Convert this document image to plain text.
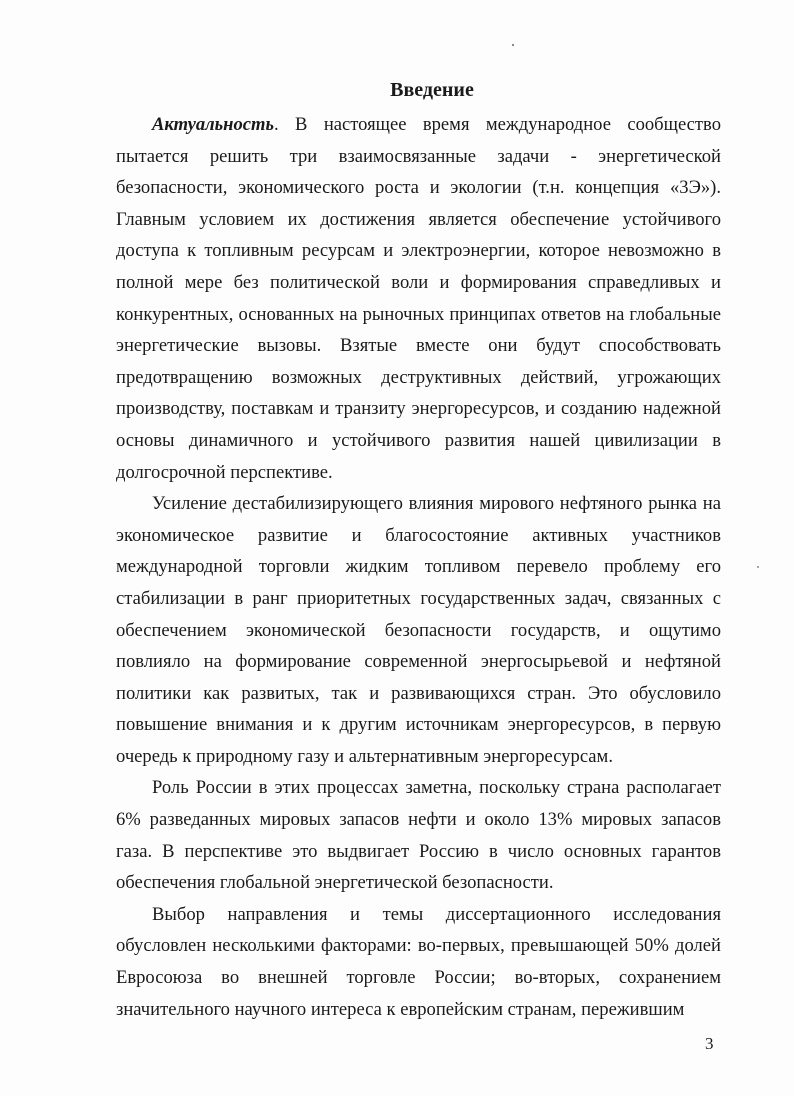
Введение

Актуальность. В настоящее время международное сообщество пытается решить три взаимосвязанные задачи - энергетической безопасности, экономического роста и экологии (т.н. концепция «3Э»). Главным условием их достижения является обеспечение устойчивого доступа к топливным ресурсам и электроэнергии, которое невозможно в полной мере без политической воли и формирования справедливых и конкурентных, основанных на рыночных принципах ответов на глобальные энергетические вызовы. Взятые вместе они будут способствовать предотвращению возможных деструктивных действий, угрожающих производству, поставкам и транзиту энергоресурсов, и созданию надежной основы динамичного и устойчивого развития нашей цивилизации в долгосрочной перспективе.

Усиление дестабилизирующего влияния мирового нефтяного рынка на экономическое развитие и благосостояние активных участников международной торговли жидким топливом перевело проблему его стабилизации в ранг приоритетных государственных задач, связанных с обеспечением экономической безопасности государств, и ощутимо повлияло на формирование современной энергосырьевой и нефтяной политики как развитых, так и развивающихся стран. Это обусловило повышение внимания и к другим источникам энергоресурсов, в первую очередь к природному газу и альтернативным энергоресурсам.

Роль России в этих процессах заметна, поскольку страна располагает 6% разведанных мировых запасов нефти и около 13% мировых запасов газа. В перспективе это выдвигает Россию в число основных гарантов обеспечения глобальной энергетической безопасности.

Выбор направления и темы диссертационного исследования обусловлен несколькими факторами: во-первых, превышающей 50% долей Евросоюза во внешней торговле России; во-вторых, сохранением значительного научного интереса к европейским странам, пережившим

3
